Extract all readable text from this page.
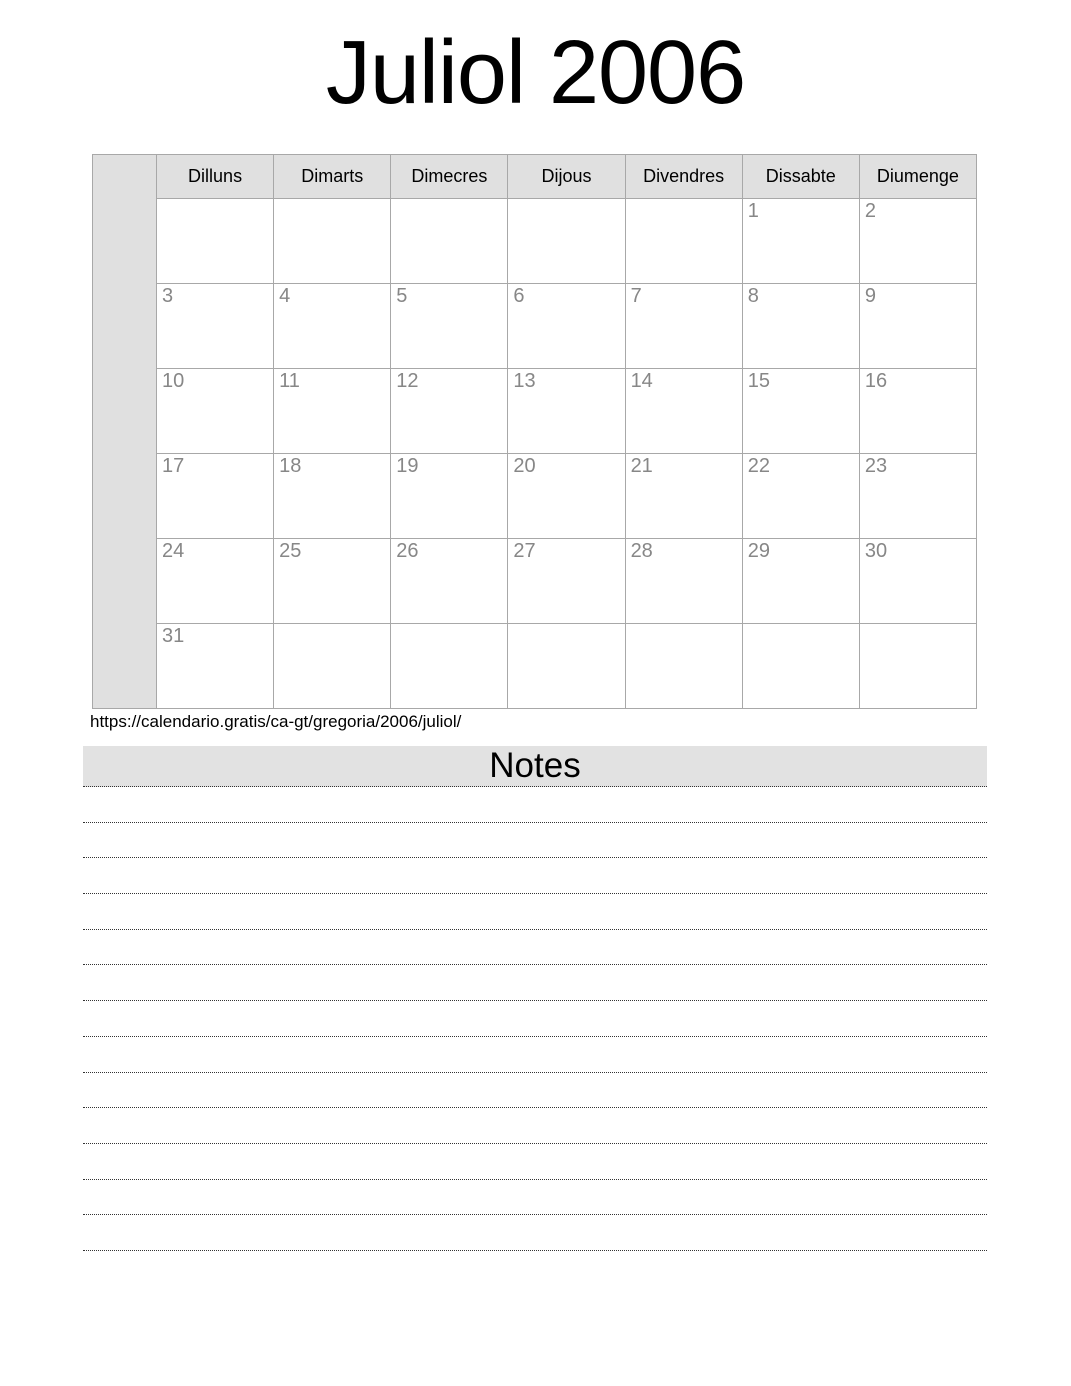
Juliol 2006
	Dilluns	Dimarts	Dimecres	Dijous	Divendres	Dissabte	Diumenge

						1	2

	3	4	5	6	7	8	9

	10	11	12	13	14	15	16

	17	18	19	20	21	22	23

	24	25	26	27	28	29	30

	31						

https://calendario.gratis/ca-gt/gregoria/2006/juliol/
Notes
